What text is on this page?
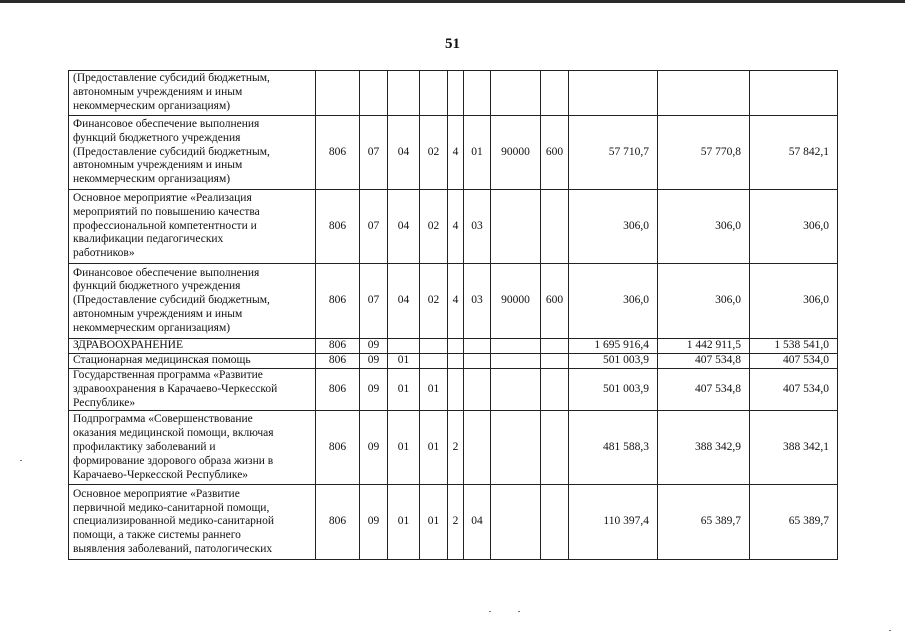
51
(Предоставление субсидий бюджетным,
автономным учреждениям и иным
некоммерческим организациям)											
Финансовое обеспечение выполнения
функций бюджетного учреждения
(Предоставление субсидий бюджетным,
автономным учреждениям и иным
некоммерческим организациям)	806	07	04	02	4	01	90000	600	57 710,7	57 770,8	57 842,1
Основное мероприятие «Реализация
мероприятий по повышению качества
профессиональной компетентности и
квалификации педагогических
работников»	806	07	04	02	4	03			306,0	306,0	306,0
Финансовое обеспечение выполнения
функций бюджетного учреждения
(Предоставление субсидий бюджетным,
автономным учреждениям и иным
некоммерческим организациям)	806	07	04	02	4	03	90000	600	306,0	306,0	306,0
ЗДРАВООХРАНЕНИЕ	806	09							1 695 916,4	1 442 911,5	1 538 541,0
Стационарная медицинская помощь	806	09	01						501 003,9	407 534,8	407 534,0
Государственная программа «Развитие
здравоохранения в Карачаево-Черкесской
Республике»	806	09	01	01					501 003,9	407 534,8	407 534,0
Подпрограмма «Совершенствование
оказания медицинской помощи, включая
профилактику заболеваний и
формирование здорового образа жизни в
Карачаево-Черкесской Республике»	806	09	01	01	2				481 588,3	388 342,9	388 342,1
Основное мероприятие «Развитие
первичной медико-санитарной помощи,
специализированной медико-санитарной
помощи, а также системы раннего
выявления заболеваний, патологических	806	09	01	01	2	04			110 397,4	65 389,7	65 389,7
